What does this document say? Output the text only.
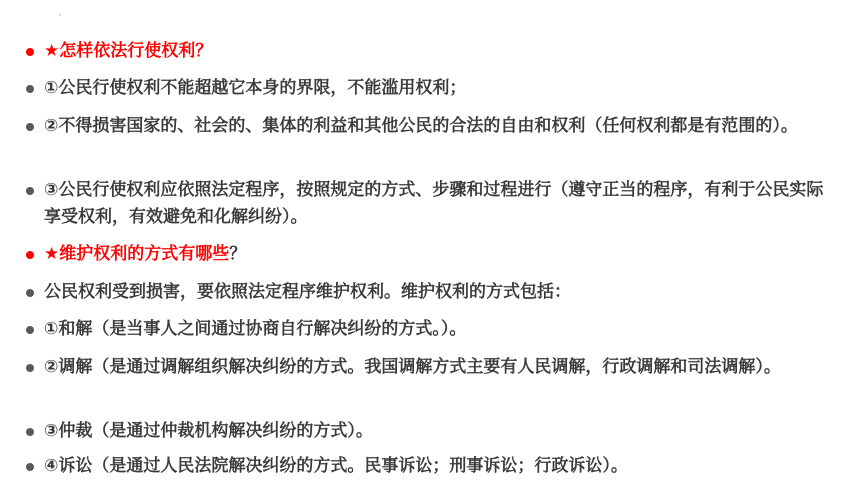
★怎样依法行使权利？
①公民行使权利不能超越它本身的界限，不能滥用权利；
②不得损害国家的、社会的、集体的利益和其他公民的合法的自由和权利（任何权利都是有范围的）。
③公民行使权利应依照法定程序，按照规定的方式、步骤和过程进行（遵守正当的程序，有利于公民实际享受权利，有效避免和化解纠纷）。
★维护权利的方式有哪些？
公民权利受到损害，要依照法定程序维护权利。维护权利的方式包括：
①和解（是当事人之间通过协商自行解决纠纷的方式。）。
②调解（是通过调解组织解决纠纷的方式。我国调解方式主要有人民调解，行政调解和司法调解）。
③仲裁（是通过仲裁机构解决纠纷的方式）。
④诉讼（是通过人民法院解决纠纷的方式。民事诉讼；刑事诉讼；行政诉讼）。
